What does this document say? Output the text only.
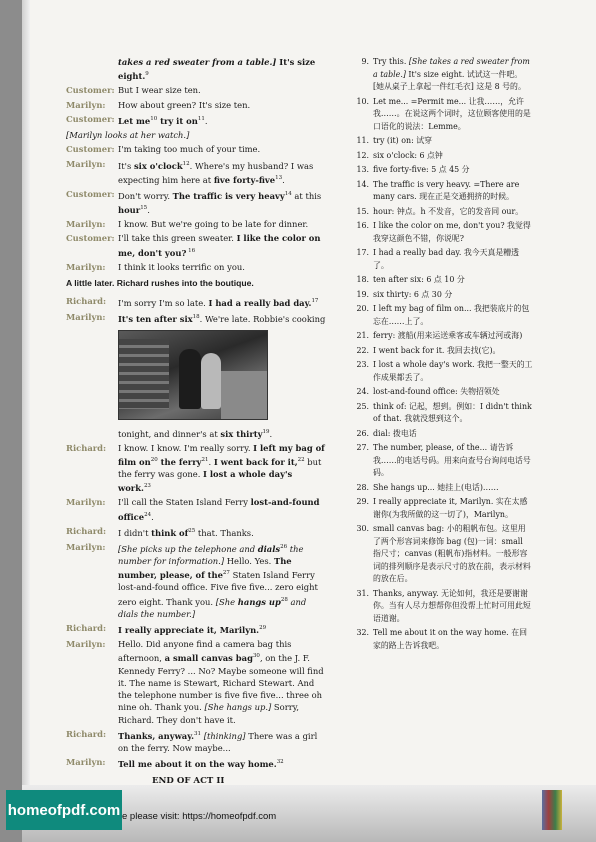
takes a red sweater from a table.] It's size eight.$^9$
Customer: But I wear size ten.
Marilyn:	How about green? It's size ten.
Customer: Let $me^{10}$ try it $on^{11}$.
[Marilyn looks at her watch.]
Customer: I'm taking too much of your time.
Marilyn:	It's six o'clock$^{12}$. Where's my husband? I was expecting him here at five forty-five$^{13}$.
Customer: Don't worry. The traffic is very heavy$^{14}$ at this hour$^{15}$.
Marilyn:	I know. But we're going to be late for dinner.
Customer: I'll take this green sweater. I like the color on me, don't you? $^{16}$
Marilyn:	I think it looks terrific on you.
A little later. Richard rushes into the boutique.
Richard:	I'm sorry I'm so late. I had a really bad day.$^{17}$
Marilyn:	It's ten after six$^{18}$. We're late. Robbie's cooking
tonight, and dinner's at six thirty$^{19}$.
Richard:	I know. I know. I'm really sorry. I left my bag of film $on^{20}$ the ferry$^{21}$. I went back for it,$^{22}$ but the ferry was gone. I lost a whole day's work.$^{23}$
Marilyn:	I'll call the Staten Island Ferry lost-and-found office$^{24}$.
Richard:	I didn't think $of^{25}$ that. Thanks.
Marilyn:	[She picks up the telephone and dials$^{26}$ the number for information.] Hello. Yes. The number, please, of the$^{27}$ Staten Island Ferry lost-and-found office. Five five five... zero eight zero eight. Thank you. [She hangs $up^{28}$ and dials the number.]
Richard:	I really appreciate it, Marilyn.$^{29}$
Marilyn:	Hello. Did anyone find a camera bag this afternoon, a small canvas bag$^{30}$, on the J. F. Kennedy Ferry? ... No? Maybe someone will find it. The name is Stewart, Richard Stewart. And the telephone number is five five five... three oh nine oh. Thank you. [She hangs up.] Sorry, Richard. They don't have it.
Richard:	Thanks, anyway.$^{31}$ [thinking] There was a girl on the ferry. Now maybe...
Marilyn:	Tell me about it on the way home.$^{32}$
END OF ACT II
9. Try this. [She takes a red sweater from a table.] It's size eight. 试试这一件吧。[她从桌子上拿起一件红毛衣] 这是 8 号的。
10. Let me... =Permit me... 让我……，允许我……。在说这两个词时，这位顾客使用的是口语化的说法：Lemme。
11. try (it) on: 试穿
12. six o'clock: 6 点钟
13. five forty-five: 5 点 45 分
14. The traffic is very heavy. =There are many cars. 现在正是交通拥挤的时候。
15. hour: 钟点。h 不发音，它的发音同 our。
16. I like the color on me, don't you? 我觉得我穿这颜色不错，你说呢?
17. I had a really bad day. 我今天真是糟透了。
18. ten after six: 6 点 10 分
19. six thirty: 6 点 30 分
20. I left my bag of film on... 我把装底片的包忘在……上了。
21. ferry: 渡船(用来运送乘客或车辆过河或海)
22. I went back for it. 我回去找(它)。
23. I lost a whole day's work. 我把一整天的工作成果都丢了。
24. lost-and-found office: 失物招领处
25. think of: 记起，想到。例如：I didn't think of that. 我就没想到这个。
26. dial: 拨电话
27. The number, please, of the... 请告诉我……的电话号码。用来向查号台询问电话号码。
28. She hangs up... 她挂上(电话)……
29. I really appreciate it, Marilyn. 实在太感谢你(为我所做的这一切了)，Marilyn。
30. small canvas bag: 小的粗帆布包。这里用了两个形容词来修饰 bag (包)一词：small 指尺寸；canvas (粗帆布)指材料。一般形容词的排列顺序是表示尺寸的放在前，表示材料的放在后。
31. Thanks, anyway. 无论如何，我还是要谢谢你。当有人尽力想帮你但没帮上忙时可用此短语道谢。
32. Tell me about it on the way home. 在回家的路上告诉我吧。
homeofpdf.com e please visit: https://homeofpdf.com
